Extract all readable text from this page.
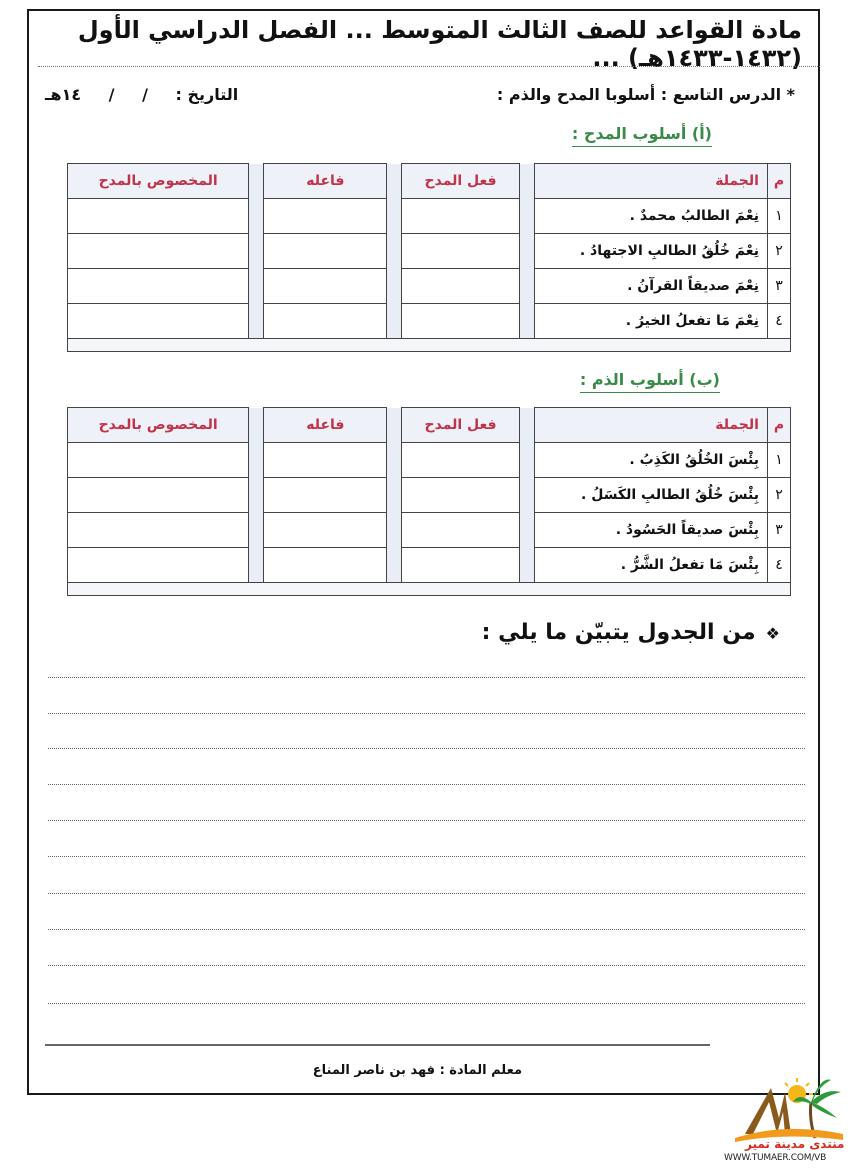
مادة القواعد للصف الثالث المتوسط ... الفصل الدراسي الأول (١٤٣٢-١٤٣٣هـ) ...
* الدرس التاسع : أسلوبا المدح والذم :
التاريخ : / / ١٤هـ
(أ) أسلوب المدح :
م	الجملة		فعل المدح		فاعله		المخصوص بالمدح
١	نِعْمَ الطالبُ محمدٌ .						
٢	نِعْمَ خُلُقُ الطالبِ الاجتهادُ .						
٣	نِعْمَ صديقاً القرآنُ .						
٤	نِعْمَ مَا تفعلُ الخيرُ .						

(ب) أسلوب الذم :
م	الجملة		فعل المدح		فاعله		المخصوص بالمدح
١	بِئْسَ الخُلُقُ الكَذِبُ .						
٢	بِئْسَ خُلُقُ الطالبِ الكَسَلُ .						
٣	بِئْسَ صديقاً الحَسُودُ .						
٤	بِئْسَ مَا تفعلُ الشَّرُّ .						

❖من الجدول يتبيّن ما يلي :
معلم المادة : فهد بن ناصر المناع
منتدى مدينة تمير
WWW.TUMAER.COM/VB
